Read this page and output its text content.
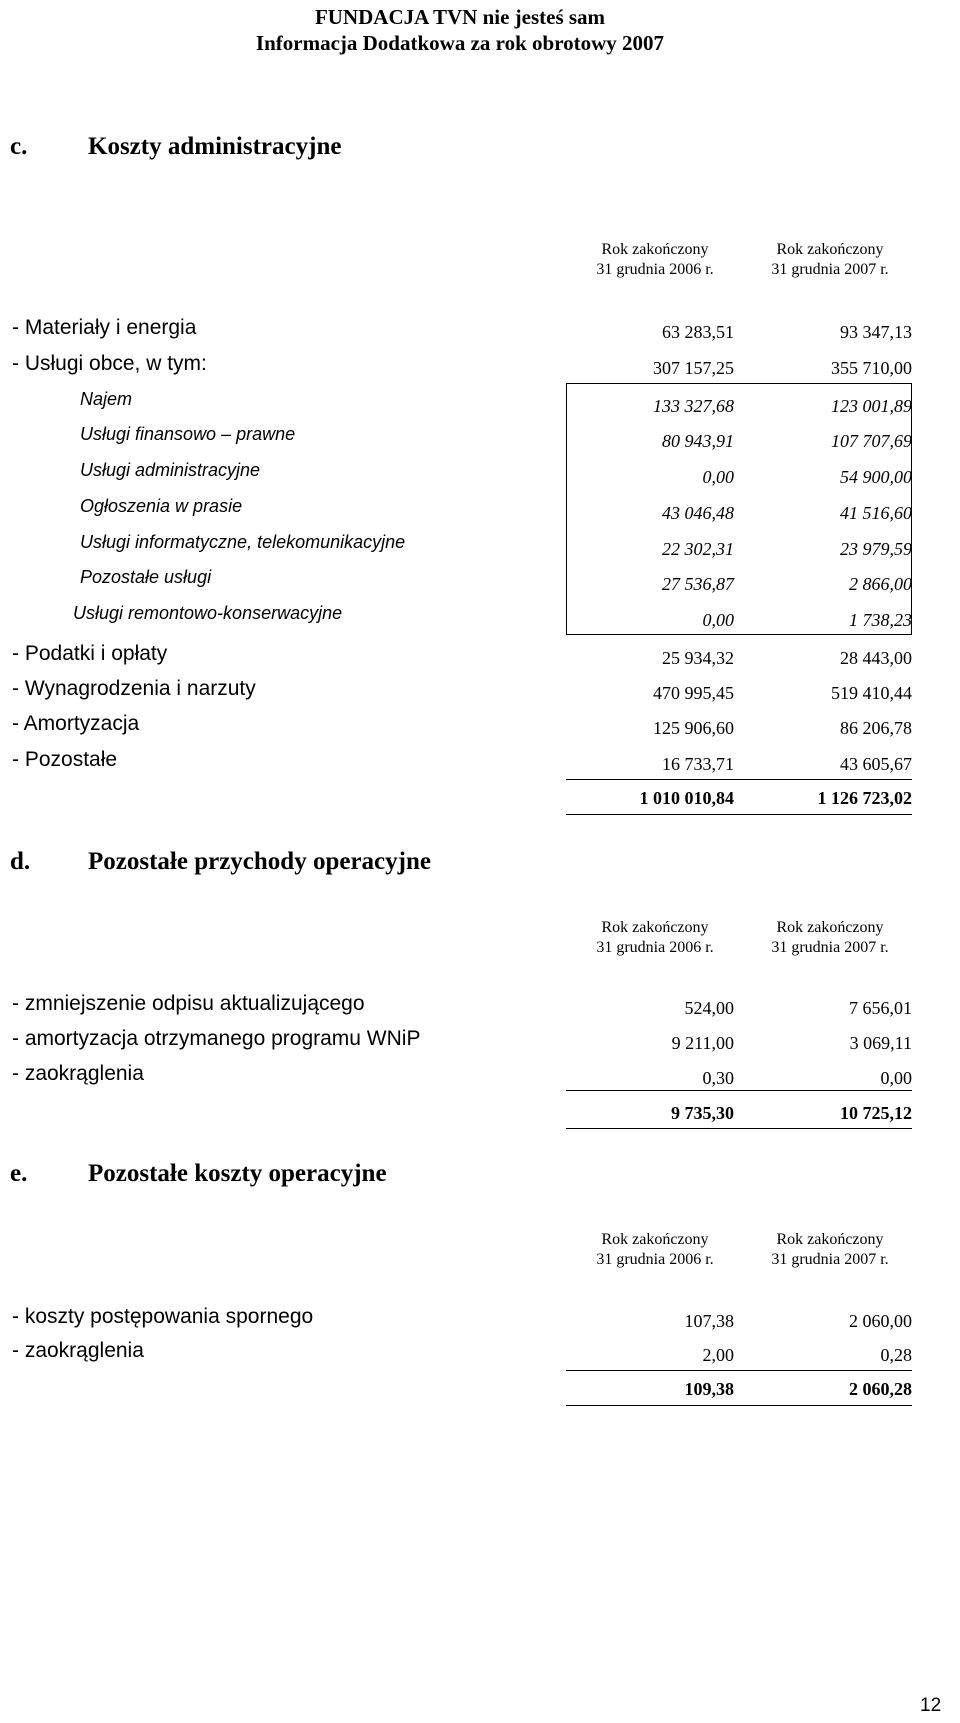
FUNDACJA TVN nie jesteś sam
Informacja Dodatkowa za rok obrotowy 2007
c. Koszty administracyjne
Rok zakończony
31 grudnia 2006 r.
Rok zakończony
31 grudnia 2007 r.
- Materiały i energia	63 283,51	93 347,13
- Usługi obce, w tym:	307 157,25	355 710,00
Najem	133 327,68	123 001,89
Usługi finansowo – prawne	80 943,91	107 707,69
Usługi administracyjne	0,00	54 900,00
Ogłoszenia w prasie	43 046,48	41 516,60
Usługi informatyczne, telekomunikacyjne	22 302,31	23 979,59
Pozostałe usługi	27 536,87	2 866,00
Usługi remontowo-konserwacyjne	0,00	1 738,23
- Podatki i opłaty	25 934,32	28 443,00
- Wynagrodzenia i narzuty	470 995,45	519 410,44
- Amortyzacja	125 906,60	86 206,78
- Pozostałe	16 733,71	43 605,67
1 010 010,84	1 126 723,02
d. Pozostałe przychody operacyjne
Rok zakończony
31 grudnia 2006 r.
Rok zakończony
31 grudnia 2007 r.
- zmniejszenie odpisu aktualizującego	524,00	7 656,01
- amortyzacja otrzymanego programu WNiP	9 211,00	3 069,11
- zaokrąglenia	0,30	0,00
9 735,30	10 725,12
e. Pozostałe koszty operacyjne
Rok zakończony
31 grudnia 2006 r.
Rok zakończony
31 grudnia 2007 r.
- koszty postępowania spornego	107,38	2 060,00
- zaokrąglenia	2,00	0,28
109,38	2 060,28
12
